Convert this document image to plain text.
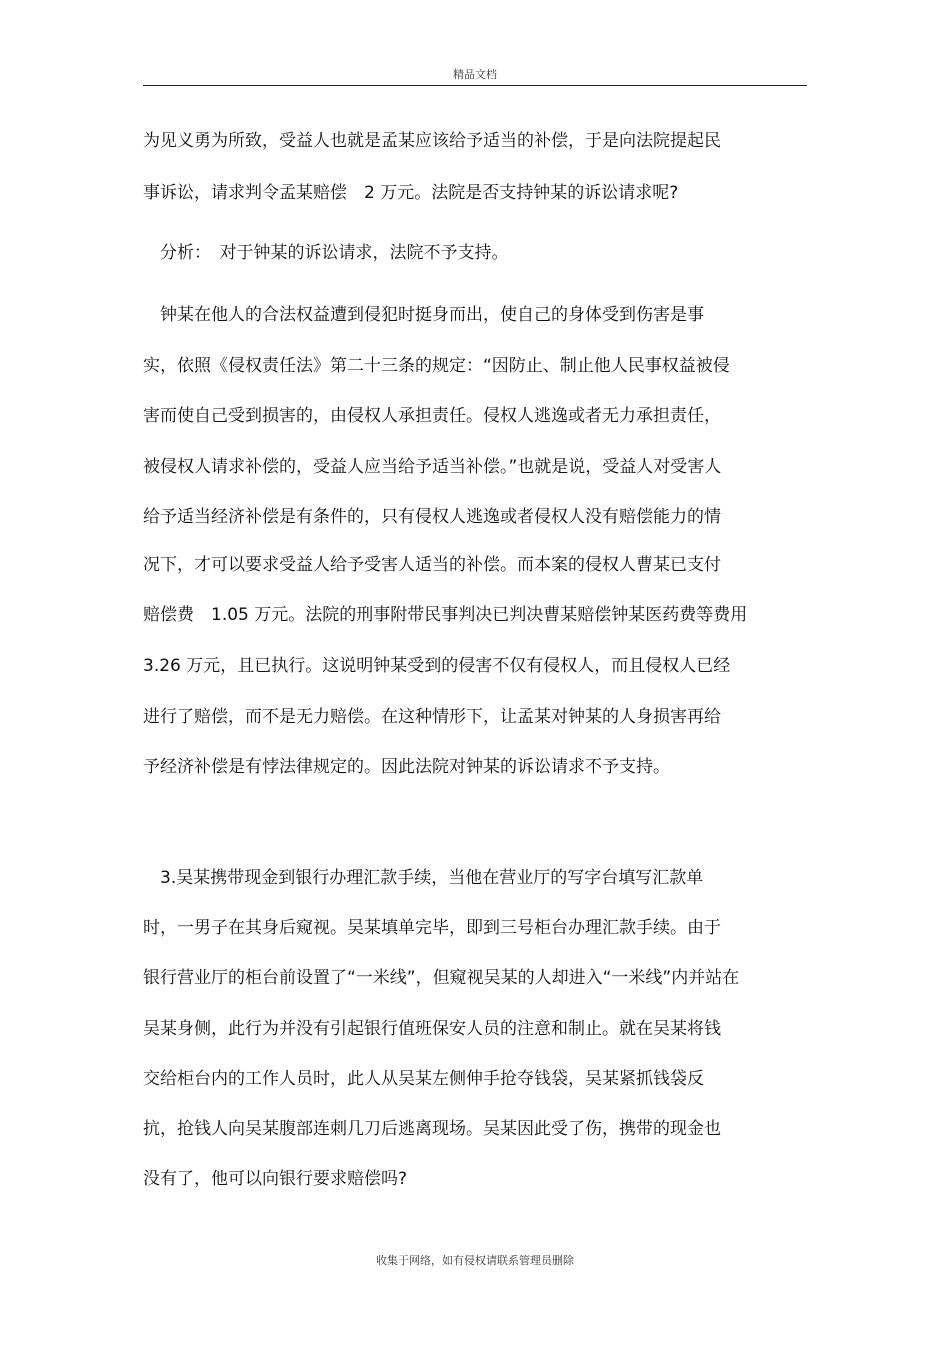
精品文档
为见义勇为所致，受益人也就是孟某应该给予适当的补偿，于是向法院提起民
事诉讼，请求判令孟某赔偿　2 万元。法院是否支持钟某的诉讼请求呢?
　分析：　对于钟某的诉讼请求，法院不予支持。
　钟某在他人的合法权益遭到侵犯时挺身而出，使自己的身体受到伤害是事
实，依照《侵权责任法》第二十三条的规定：“因防止、制止他人民事权益被侵
害而使自己受到损害的，由侵权人承担责任。侵权人逃逸或者无力承担责任，
被侵权人请求补偿的，受益人应当给予适当补偿。”也就是说，受益人对受害人
给予适当经济补偿是有条件的，只有侵权人逃逸或者侵权人没有赔偿能力的情
况下，才可以要求受益人给予受害人适当的补偿。而本案的侵权人曹某已支付
赔偿费　1.05 万元。法院的刑事附带民事判决已判决曹某赔偿钟某医药费等费用
3.26 万元，且已执行。这说明钟某受到的侵害不仅有侵权人，而且侵权人已经
进行了赔偿，而不是无力赔偿。在这种情形下，让孟某对钟某的人身损害再给
予经济补偿是有悖法律规定的。因此法院对钟某的诉讼请求不予支持。
　3.吴某携带现金到银行办理汇款手续，当他在营业厅的写字台填写汇款单
时，一男子在其身后窥视。吴某填单完毕，即到三号柜台办理汇款手续。由于
银行营业厅的柜台前设置了“一米线”，但窥视吴某的人却进入“一米线”内并站在
吴某身侧，此行为并没有引起银行值班保安人员的注意和制止。就在吴某将钱
交给柜台内的工作人员时，此人从吴某左侧伸手抢夺钱袋，吴某紧抓钱袋反
抗，抢钱人向吴某腹部连刺几刀后逃离现场。吴某因此受了伤，携带的现金也
没有了，他可以向银行要求赔偿吗?
收集于网络，如有侵权请联系管理员删除
